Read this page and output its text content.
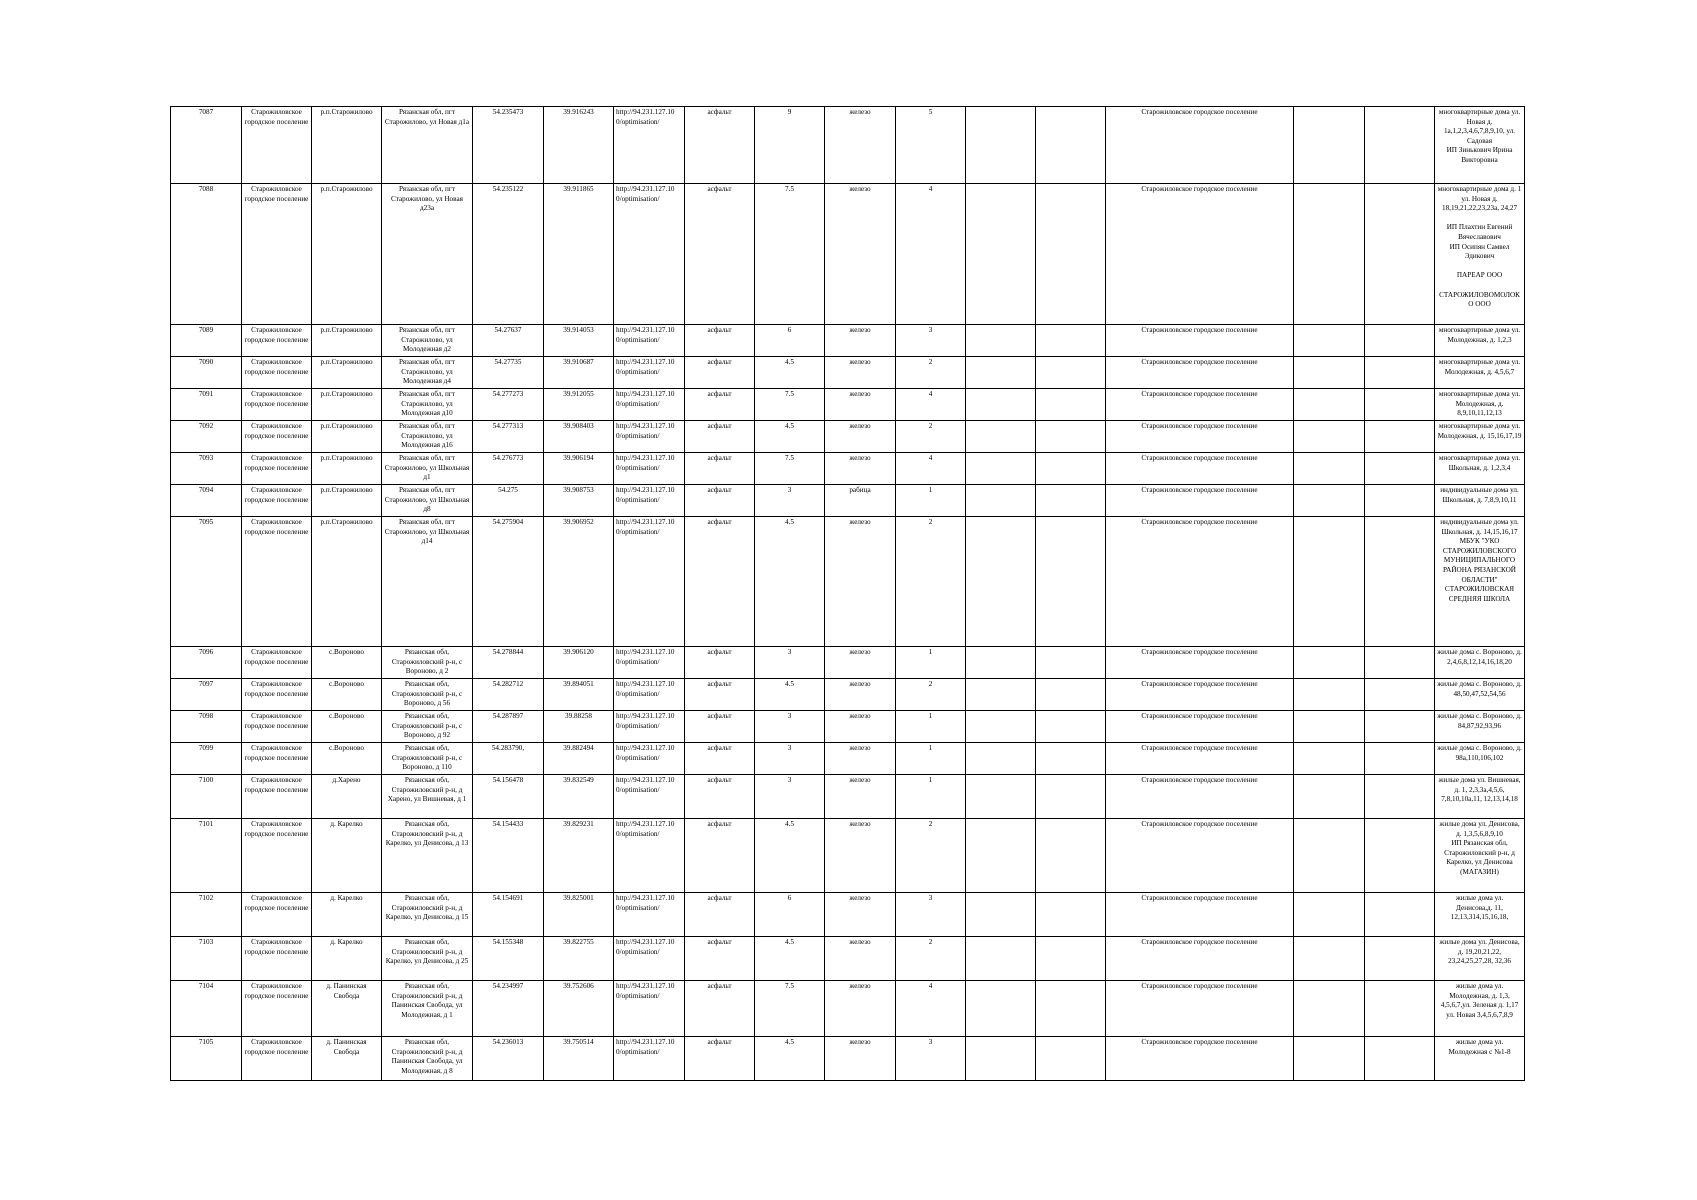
7087	Старожиловское городское поселение	р.п.Старожилово	Рязанская обл, пгт Старожилово, ул Новая д1а	54.235473	39.916243	http://94.231.127.10 0/optimisation/	асфальт	9	железо	5			Старожиловское городское поселение			многоквартирные дома ул. Новая д. 1а,1,2,3,4,6,7,8,9,10, ул. Садовая
ИП Зинькович Ирина Викторовна
7088	Старожиловское городское поселение	р.п.Старожилово	Рязанская обл, пгт Старожилово, ул Новая д23а	54.235122	39.911865	http://94.231.127.10 0/optimisation/	асфальт	7.5	железо	4			Старожиловское городское поселение			многоквартирные дома д. 1 ул. Новая д. 18,19,21,22,23,23а, 24,27

ИП Плахтин Евгений Вячеславович
ИП Осипян Самвел Эдикович

ПАРЕАР ООО

СТАРОЖИЛОВОМОЛОКО ООО
7089	Старожиловское городское поселение	р.п.Старожилово	Рязанская обл, пгт Старожилово, ул Молодежная д2	54.27637	39.914053	http://94.231.127.10 0/optimisation/	асфальт	6	железо	3			Старожиловское городское поселение			многоквартирные дома ул. Молодежная, д. 1,2,3
7090	Старожиловское городское поселение	р.п.Старожилово	Рязанская обл, пгт Старожилово, ул Молодежная д4	54.27735	39.910687	http://94.231.127.10 0/optimisation/	асфальт	4.5	железо	2			Старожиловское городское поселение			многоквартирные дома ул. Молодежная, д. 4,5,6,7
7091	Старожиловское городское поселение	р.п.Старожилово	Рязанская обл, пгт Старожилово, ул Молодежная д10	54.277273	39.912055	http://94.231.127.10 0/optimisation/	асфальт	7.5	железо	4			Старожиловское городское поселение			многоквартирные дома ул. Молодежная, д. 8,9,10,11,12,13
7092	Старожиловское городское поселение	р.п.Старожилово	Рязанская обл, пгт Старожилово, ул Молодежная д16	54.277313	39.908403	http://94.231.127.10 0/optimisation/	асфальт	4.5	железо	2			Старожиловское городское поселение			многоквартирные дома ул. Молодежная, д. 15,16,17,19
7093	Старожиловское городское поселение	р.п.Старожилово	Рязанская обл, пгт Старожилово, ул Школьная д1	54.276773	39.906194	http://94.231.127.10 0/optimisation/	асфальт	7.5	железо	4			Старожиловское городское поселение			многоквартирные дома ул. Школьная, д. 1,2,3,4
7094	Старожиловское городское поселение	р.п.Старожилово	Рязанская обл, пгт Старожилово, ул Школьная д8	54.275	39.908753	http://94.231.127.10 0/optimisation/	асфальт	3	рабица	1			Старожиловское городское поселение			индивидуальные дома ул. Школьная, д. 7,8,9,10,11
7095	Старожиловское городское поселение	р.п.Старожилово	Рязанская обл, пгт Старожилово, ул Школьная д14	54.275904	39.906952	http://94.231.127.10 0/optimisation/	асфальт	4.5	железо	2			Старожиловское городское поселение			индивидуальные дома ул. Школьная, д. 14,15,16,17
МБУК "УКО СТАРОЖИЛОВСКОГО МУНИЦИПАЛЬНОГО РАЙОНА РЯЗАНСКОЙ ОБЛАСТИ"
СТАРОЖИЛОВСКАЯ СРЕДНЯЯ ШКОЛА
7096	Старожиловское городское поселение	с.Вороново	Рязанская обл, Старожиловский р-н, с Вороново, д 2	54.278844	39.906120	http://94.231.127.10 0/optimisation/	асфальт	3	железо	1			Старожиловское городское поселение			жилые дома с. Вороново, д. 2,4,6,8,12,14,16,18,20
7097	Старожиловское городское поселение	с.Вороново	Рязанская обл, Старожиловский р-н, с Вороново, д 56	54.282712	39.894051	http://94.231.127.10 0/optimisation/	асфальт	4.5	железо	2			Старожиловское городское поселение			жилые дома с. Вороново, д. 48,50,47,52,54,56
7098	Старожиловское городское поселение	с.Вороново	Рязанская обл, Старожиловский р-н, с Вороново, д 92	54.287897	39.88258	http://94.231.127.10 0/optimisation/	асфальт	3	железо	1			Старожиловское городское поселение			жилые дома с. Вороново, д. 84,87,92,93,96
7099	Старожиловское городское поселение	с.Вороново	Рязанская обл, Старожиловский р-н, с Вороново, д 110	54.283790,	39.882494	http://94.231.127.10 0/optimisation/	асфальт	3	железо	1			Старожиловское городское поселение			жилые дома с. Вороново, д. 98а,110,106,102
7100	Старожиловское городское поселение	д.Харено	Рязанская обл, Старожиловский р-н, д Харено, ул Вишневая, д 1	54.156478	39.832549	http://94.231.127.10 0/optimisation/	асфальт	3	железо	1			Старожиловское городское поселение			жилые дома ул. Вишневая, д. 1, 2,3,3а,4,5,6, 7,8,10,10а,11, 12,13,14,18
7101	Старожиловское городское поселение	д. Карелко	Рязанская обл, Старожиловский р-н, д Карелко, ул Денисова, д 13	54.154433	39.829231	http://94.231.127.10 0/optimisation/	асфальт	4.5	железо	2			Старожиловское городское поселение			жилые дома ул. Денисова, д. 1,3,5,6,8,9,10
ИП Рязанская обл, Старожиловский р-н, д Карелко, ул Денисова (МАГАЗИН)
7102	Старожиловское городское поселение	д. Карелко	Рязанская обл, Старожиловский р-н, д Карелко, ул Денисова, д 15	54.154691	39.825001	http://94.231.127.10 0/optimisation/	асфальт	6	железо	3			Старожиловское городское поселение			жилые дома ул. Денисова,д. 11, 12,13,314,15,16,18,
7103	Старожиловское городское поселение	д. Карелко	Рязанская обл, Старожиловский р-н, д Карелко, ул Денисова, д 25	54.155348	39.822755	http://94.231.127.10 0/optimisation/	асфальт	4.5	железо	2			Старожиловское городское поселение			жилые дома ул. Денисова, д. 19,20,21,22, 23,24,25,27,28, 32,36
7104	Старожиловское городское поселение	д. Панинская Свобода	Рязанская обл, Старожиловский р-н, д Панинская Свобода, ул Молодежная, д 1	54.234997	39.752606	http://94.231.127.10 0/optimisation/	асфальт	7.5	железо	4			Старожиловское городское поселение			жилые дома ул. Молодежная, д. 1,3, 4,5,6,7,ул. Зеленая д. 1,17 ул. Новая 3,4,5,6,7,8,9
7105	Старожиловское городское поселение	д. Панинская Свобода	Рязанская обл, Старожиловский р-н, д Панинская Свобода, ул Молодежная, д 8	54.236013	39.750514	http://94.231.127.10 0/optimisation/	асфальт	4.5	железо	3			Старожиловское городское поселение			жилые дома ул. Молодежная с №1-8
